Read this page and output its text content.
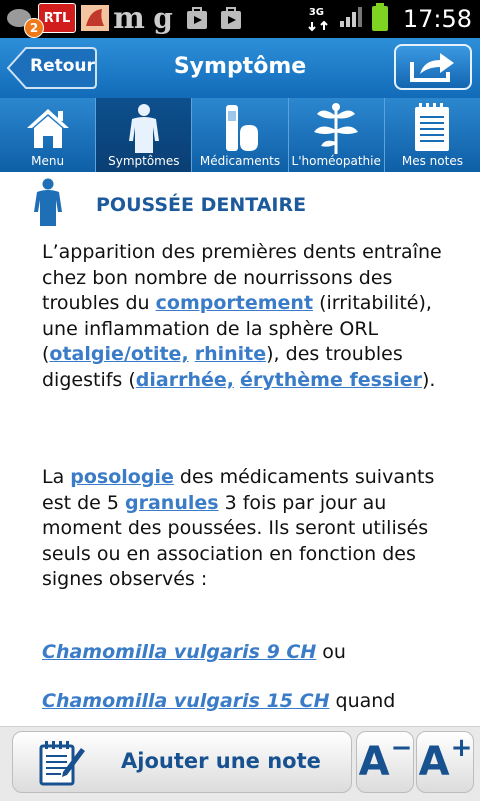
2
RTL m g	3G	17:58
Retour	Symptôme
Menu	Symptômes Médicaments L'homéopathie Mes notes
POUSSÉE DENTAIRE
L’apparition des premières dents entraîne chez bon nombre de nourrissons des troubles du comportement (irritabilité), une inflammation de la sphère ORL (otalgie/otite, rhinite), des troubles digestifs (diarrhée, érythème fessier).
La posologie des médicaments suivants est de 5 granules 3 fois par jour au moment des poussées. Ils seront utilisés seuls ou en association en fonction des signes observés :
Chamomilla vulgaris 9 CH ou
Chamomilla vulgaris 15 CH quand
Ajouter une note A− A+
